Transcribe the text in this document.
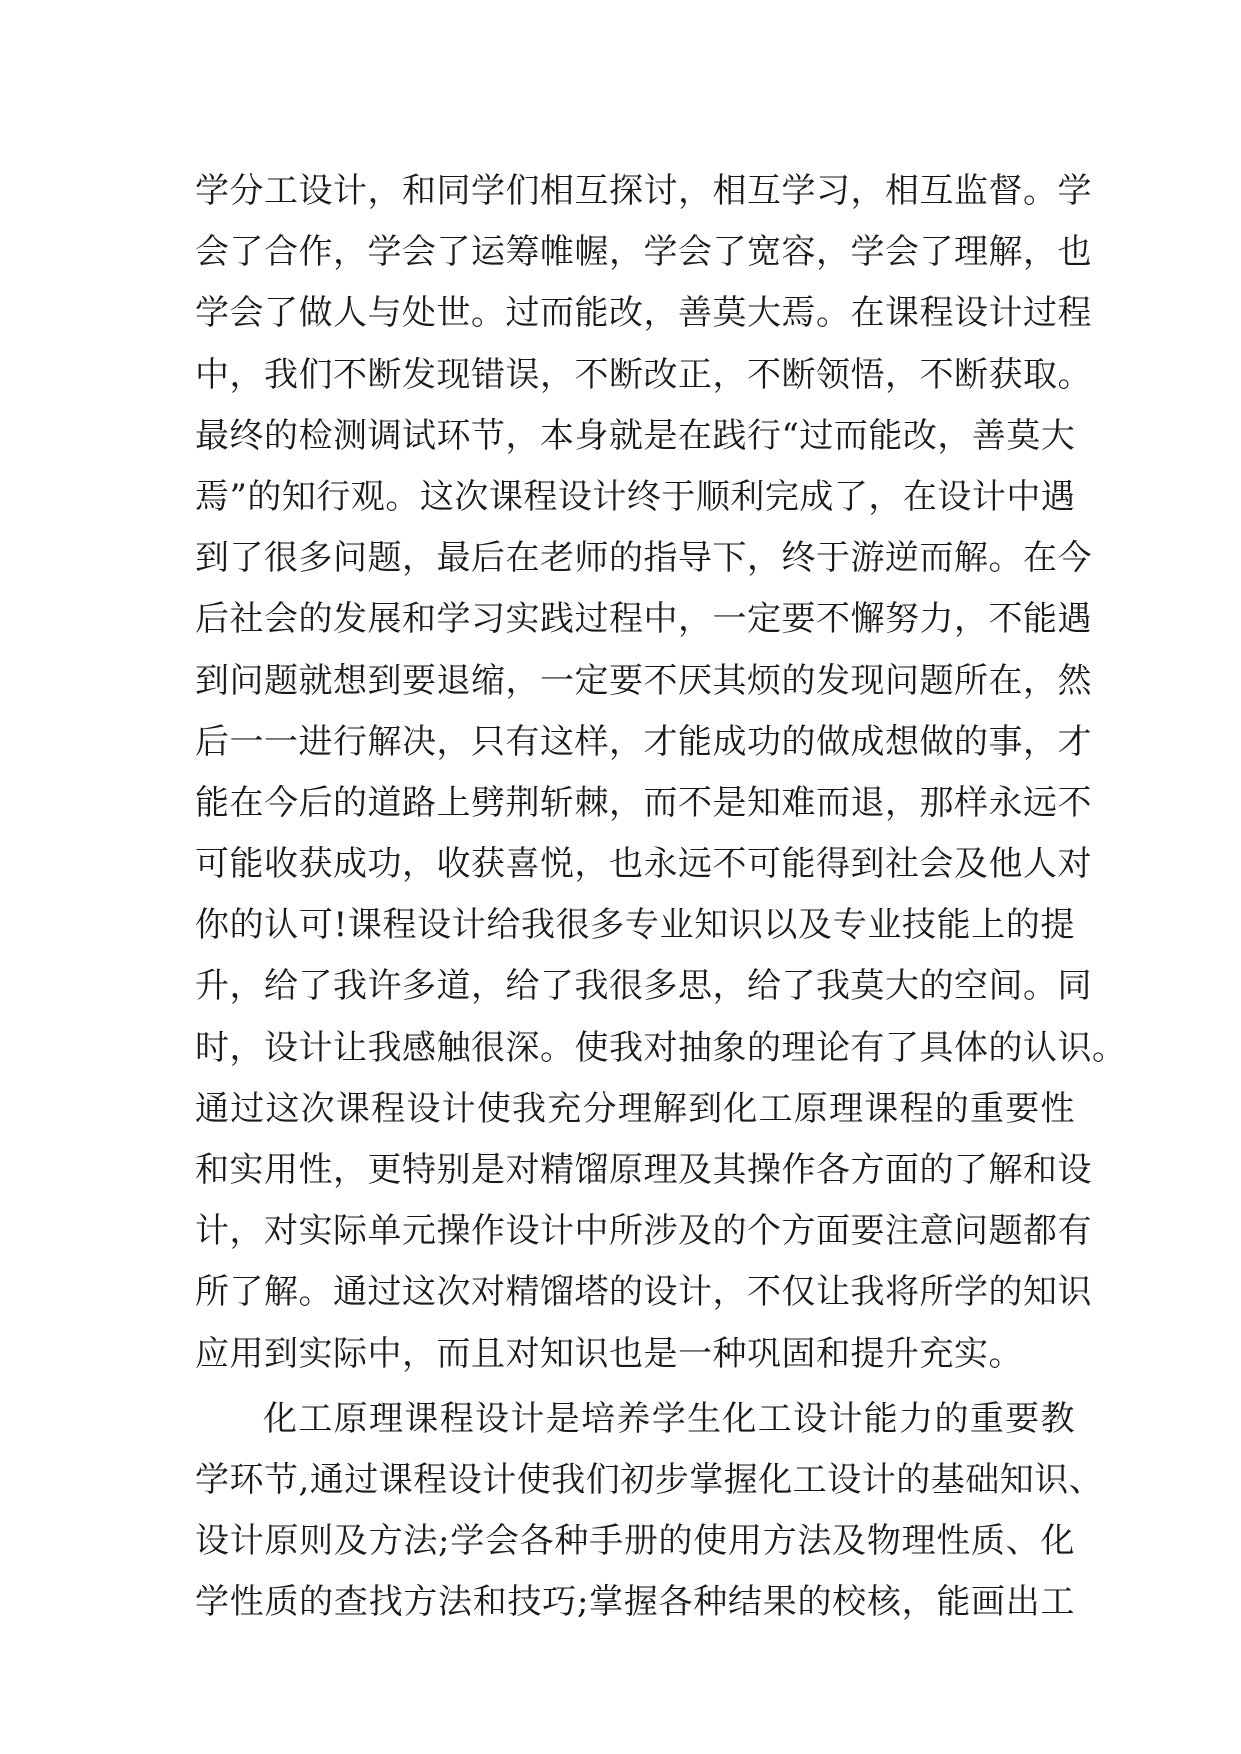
学分工设计，和同学们相互探讨，相互学习，相互监督。学
会了合作，学会了运筹帷幄，学会了宽容，学会了理解，也
学会了做人与处世。过而能改，善莫大焉。在课程设计过程
中，我们不断发现错误，不断改正，不断领悟，不断获取。
最终的检测调试环节，本身就是在践行“过而能改，善莫大
焉”的知行观。这次课程设计终于顺利完成了，在设计中遇
到了很多问题，最后在老师的指导下，终于游逆而解。在今
后社会的发展和学习实践过程中，一定要不懈努力，不能遇
到问题就想到要退缩，一定要不厌其烦的发现问题所在，然
后一一进行解决，只有这样，才能成功的做成想做的事，才
能在今后的道路上劈荆斩棘，而不是知难而退，那样永远不
可能收获成功，收获喜悦，也永远不可能得到社会及他人对
你的认可!课程设计给我很多专业知识以及专业技能上的提
升，给了我许多道，给了我很多思，给了我莫大的空间。同
时，设计让我感触很深。使我对抽象的理论有了具体的认识。
通过这次课程设计使我充分理解到化工原理课程的重要性
和实用性，更特别是对精馏原理及其操作各方面的了解和设
计，对实际单元操作设计中所涉及的个方面要注意问题都有
所了解。通过这次对精馏塔的设计，不仅让我将所学的知识
应用到实际中，而且对知识也是一种巩固和提升充实。
化工原理课程设计是培养学生化工设计能力的重要教
学环节,通过课程设计使我们初步掌握化工设计的基础知识、
设计原则及方法;学会各种手册的使用方法及物理性质、化
学性质的查找方法和技巧;掌握各种结果的校核，能画出工
